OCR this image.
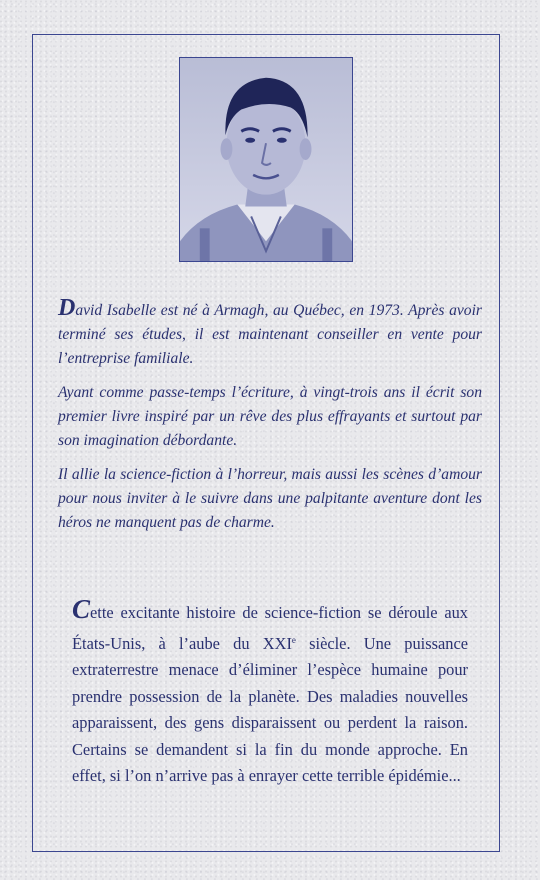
David Isabelle est né à Armagh, au Québec, en 1973. Après avoir terminé ses études, il est maintenant conseiller en vente pour l’entreprise familiale.

Ayant comme passe-temps l’écriture, à vingt-trois ans il écrit son premier livre inspiré par un rêve des plus effrayants et surtout par son imagination débordante.

Il allie la science-fiction à l’horreur, mais aussi les scènes d’amour pour nous inviter à le suivre dans une palpitante aventure dont les héros ne manquent pas de charme.

Cette excitante histoire de science-fiction se déroule aux États-Unis, à l’aube du XXIe siècle. Une puissance extraterrestre menace d’éliminer l’espèce humaine pour prendre possession de la planète. Des maladies nouvelles apparaissent, des gens disparaissent ou perdent la raison. Certains se demandent si la fin du monde approche. En effet, si l’on n’arrive pas à enrayer cette terrible épidémie...
